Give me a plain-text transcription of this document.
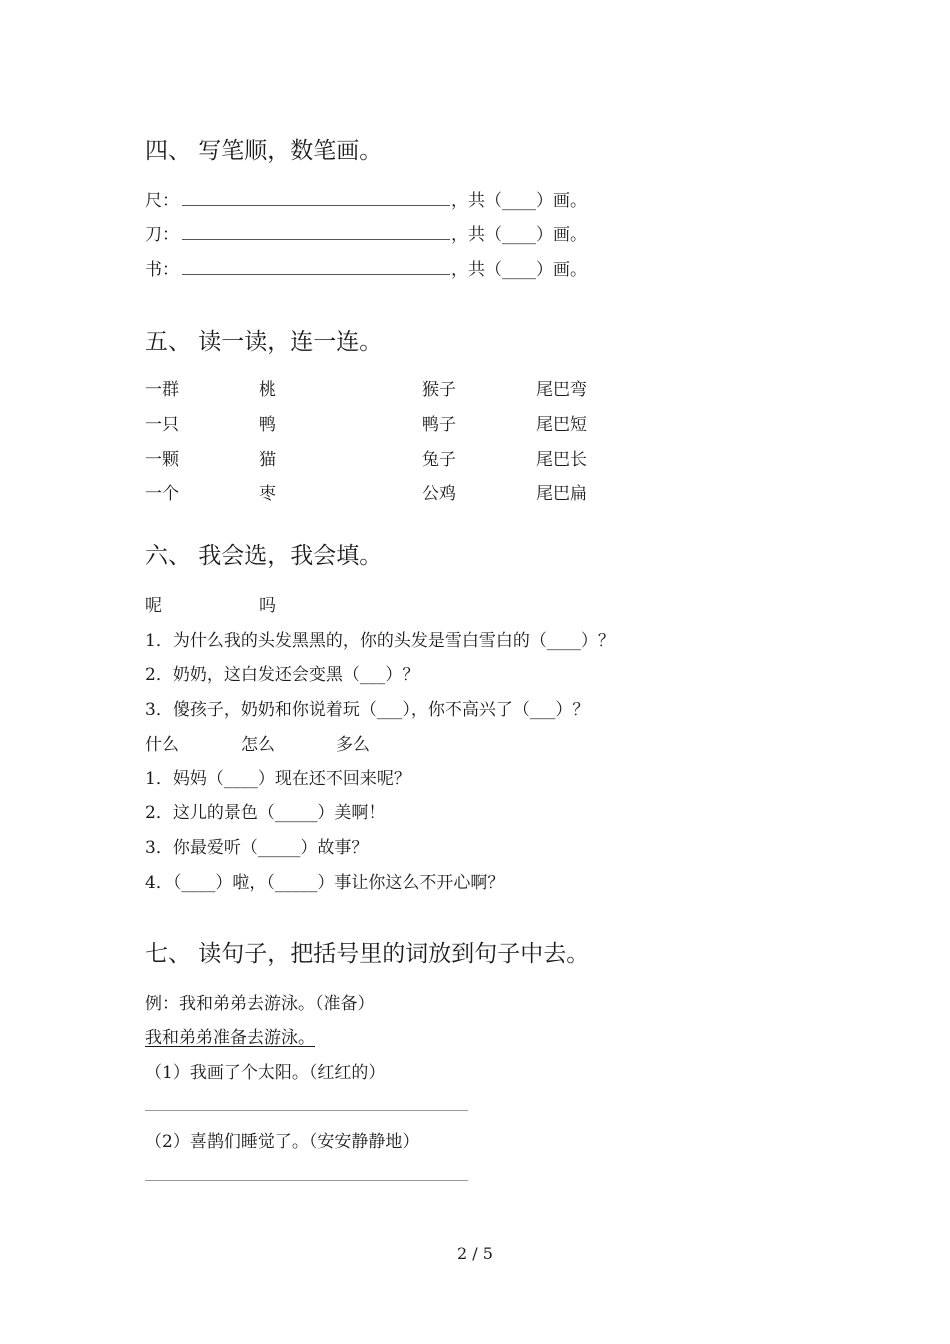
四、 写笔顺，数笔画。
尺：	，共（____）画。
刀：	，共（____）画。
书：	，共（____）画。
五、 读一读，连一连。
一群	桃	猴子	尾巴弯
一只	鸭	鸭子	尾巴短
一颗	猫	兔子	尾巴长
一个	枣	公鸡	尾巴扁
六、 我会选，我会填。
呢	吗
1．为什么我的头发黑黑的，你的头发是雪白雪白的（____）？
2．奶奶，这白发还会变黑（___）？
3．傻孩子，奶奶和你说着玩（___），你不高兴了（___）？
什么	怎么	多么
1．妈妈（____）现在还不回来呢？
2．这儿的景色（_____）美啊！
3．你最爱听（_____）故事？
4．（____）啦，（_____）事让你这么不开心啊？
七、 读句子，把括号里的词放到句子中去。
例：我和弟弟去游泳。（准备）
我和弟弟准备去游泳。
（1）我画了个太阳。（红红的）
（2）喜鹊们睡觉了。（安安静静地）
2 / 5
